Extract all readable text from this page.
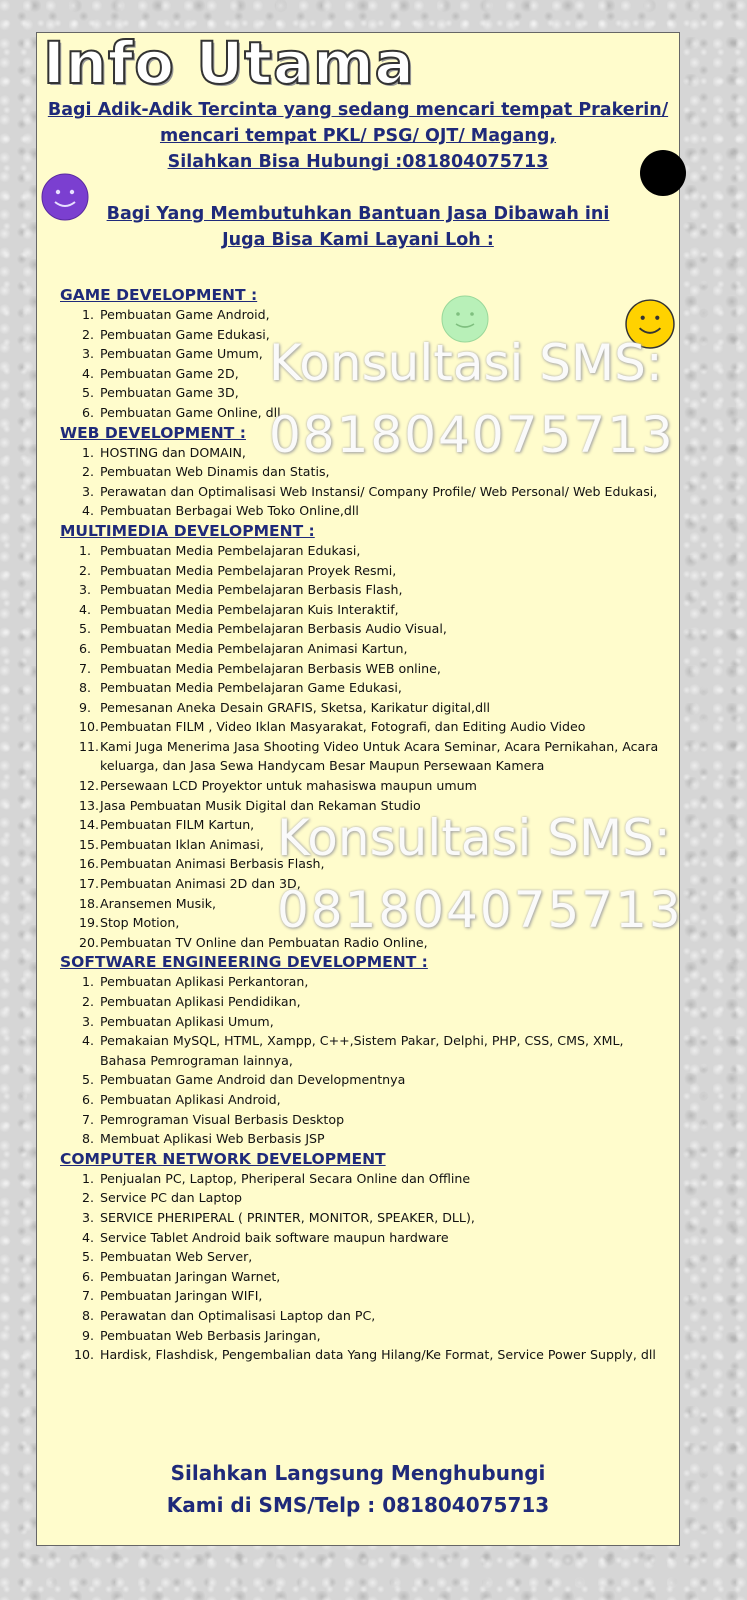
Info Utama

Bagi Adik-Adik Tercinta yang sedang mencari tempat Prakerin/

mencari tempat PKL/ PSG/ OJT/ Magang,

Silahkan Bisa Hubungi :081804075713

Bagi Yang Membutuhkan Bantuan Jasa Dibawah ini

Juga Bisa Kami Layani Loh :

GAME DEVELOPMENT :
1. Pembuatan Game Android,
2. Pembuatan Game Edukasi,
3. Pembuatan Game Umum,
4. Pembuatan Game 2D,
5. Pembuatan Game 3D,
6. Pembuatan Game Online, dll
WEB DEVELOPMENT :
1. HOSTING dan DOMAIN,
2. Pembuatan Web Dinamis dan Statis,
3. Perawatan dan Optimalisasi Web Instansi/ Company Profile/ Web Personal/ Web Edukasi,
4. Pembuatan Berbagai Web Toko Online,dll
MULTIMEDIA DEVELOPMENT :
1. Pembuatan Media Pembelajaran Edukasi,
2. Pembuatan Media Pembelajaran Proyek Resmi,
3. Pembuatan Media Pembelajaran Berbasis Flash,
4. Pembuatan Media Pembelajaran Kuis Interaktif,
5. Pembuatan Media Pembelajaran Berbasis Audio Visual,
6. Pembuatan Media Pembelajaran Animasi Kartun,
7. Pembuatan Media Pembelajaran Berbasis WEB online,
8. Pembuatan Media Pembelajaran Game Edukasi,
9. Pemesanan Aneka Desain GRAFIS, Sketsa, Karikatur digital,dll
10.Pembuatan FILM , Video Iklan Masyarakat, Fotografi, dan Editing Audio Video
11.Kami Juga Menerima Jasa Shooting Video Untuk Acara Seminar, Acara Pernikahan, Acara keluarga, dan Jasa Sewa Handycam Besar Maupun Persewaan Kamera
12.Persewaan LCD Proyektor untuk mahasiswa maupun umum
13.Jasa Pembuatan Musik Digital dan Rekaman Studio
14.Pembuatan FILM Kartun,
15.Pembuatan Iklan Animasi,
16.Pembuatan Animasi Berbasis Flash,
17.Pembuatan Animasi 2D dan 3D,
18.Aransemen Musik,
19.Stop Motion,
20.Pembuatan TV Online dan Pembuatan Radio Online,
SOFTWARE ENGINEERING DEVELOPMENT :
1. Pembuatan Aplikasi Perkantoran,
2. Pembuatan Aplikasi Pendidikan,
3. Pembuatan Aplikasi Umum,
4. Pemakaian MySQL, HTML, Xampp, C++,Sistem Pakar, Delphi, PHP, CSS, CMS, XML, Bahasa Pemrograman lainnya,
5. Pembuatan Game Android dan Developmentnya
6. Pembuatan Aplikasi Android,
7. Pemrograman Visual Berbasis Desktop
8. Membuat Aplikasi Web Berbasis JSP
COMPUTER NETWORK DEVELOPMENT
1. Penjualan PC, Laptop, Pheriperal Secara Online dan Offline
2. Service PC dan Laptop
3. SERVICE PHERIPERAL ( PRINTER, MONITOR, SPEAKER, DLL),
4. Service Tablet Android baik software maupun hardware
5. Pembuatan Web Server,
6. Pembuatan Jaringan Warnet,
7. Pembuatan Jaringan WIFI,
8. Perawatan dan Optimalisasi Laptop dan PC,
9. Pembuatan Web Berbasis Jaringan,
10. Hardisk, Flashdisk, Pengembalian data Yang Hilang/Ke Format, Service Power Supply, dll

Silahkan Langsung Menghubungi

Kami di SMS/Telp : 081804075713

Konsultasi SMS:
081804075713
Konsultasi SMS:
081804075713
